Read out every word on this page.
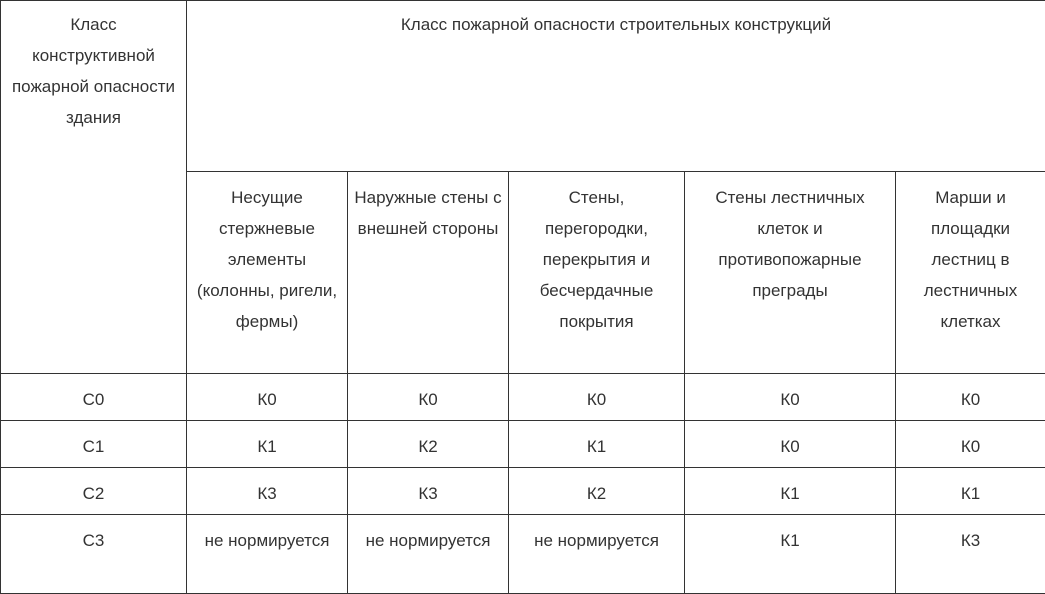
Класс конструктивной пожарной опасности здания	Класс пожарной опасности строительных конструкций				
	Несущие стержневые элементы (колонны, ригели, фермы)	Наружные стены с внешней стороны	Стены, перегородки, перекрытия и бесчердачные покрытия	Стены лестничных клеток и противопожарные преграды	Марши и площадки лестниц в лестничных клетках
С0	К0	К0	К0	К0	К0
С1	К1	К2	К1	К0	К0
С2	К3	К3	К2	К1	К1
С3	не нормируется	не нормируется	не нормируется	К1	К3
